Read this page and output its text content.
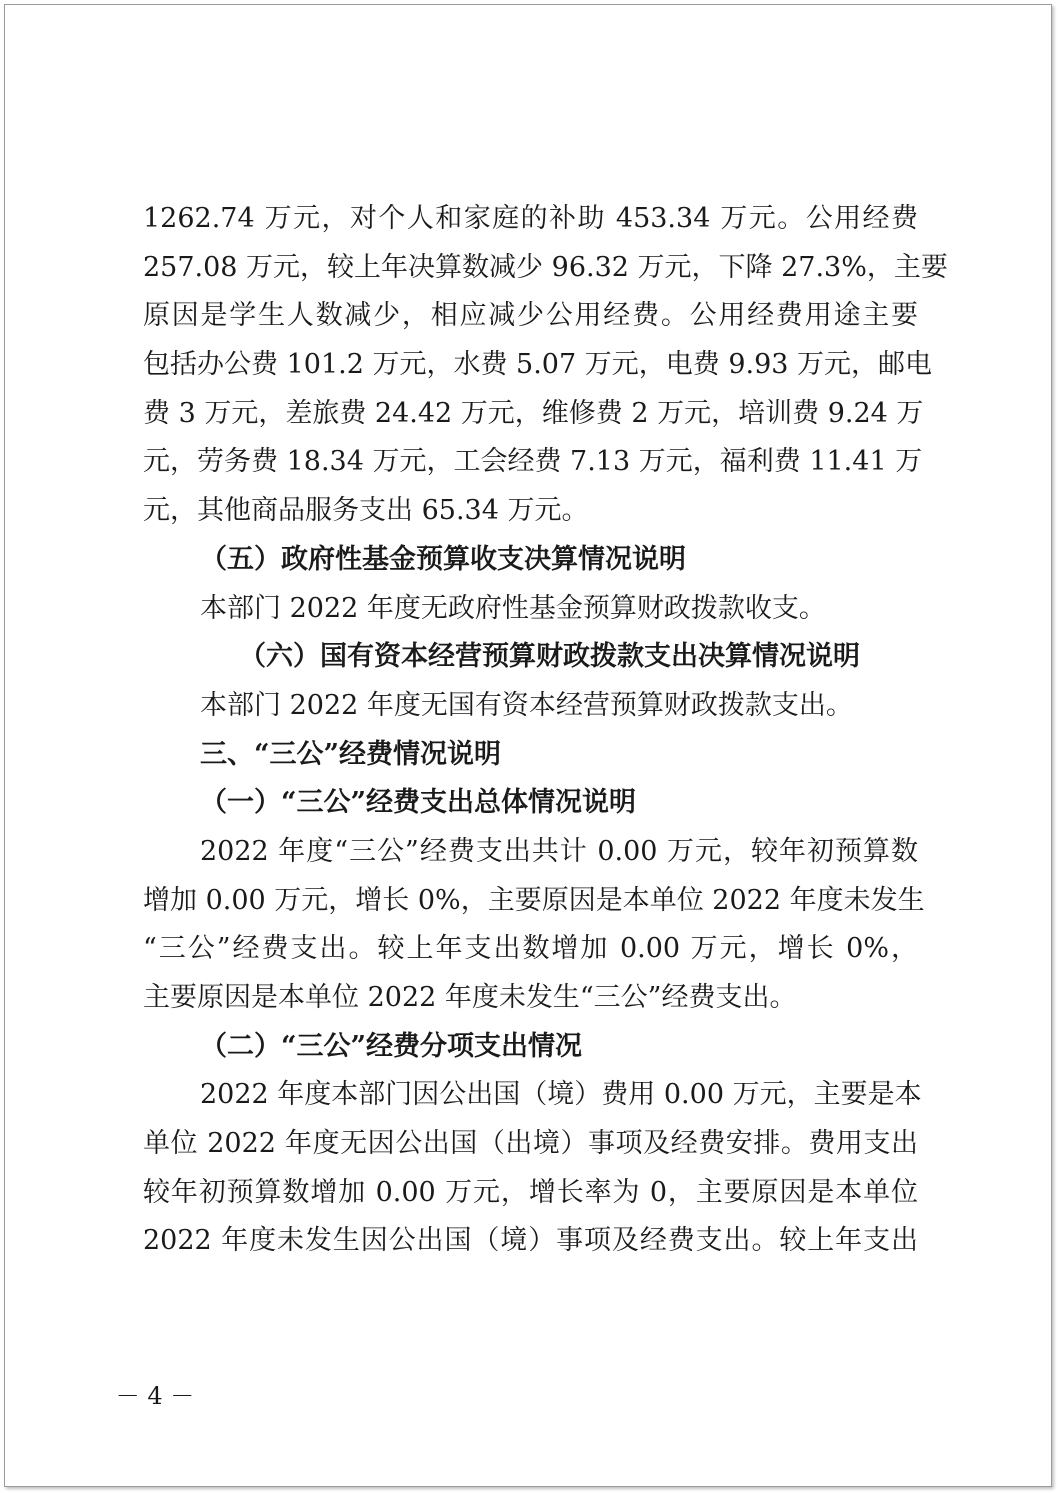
1262.74 万元，对个人和家庭的补助 453.34 万元。公用经费
257.08 万元，较上年决算数减少 96.32 万元，下降 27.3%，主要
原因是学生人数减少，相应减少公用经费。公用经费用途主要
包括办公费 101.2 万元，水费 5.07 万元，电费 9.93 万元，邮电
费 3 万元，差旅费 24.42 万元，维修费 2 万元，培训费 9.24 万
元，劳务费 18.34 万元，工会经费 7.13 万元，福利费 11.41 万
元，其他商品服务支出 65.34 万元。
（五）政府性基金预算收支决算情况说明
本部门 2022 年度无政府性基金预算财政拨款收支。
（六）国有资本经营预算财政拨款支出决算情况说明
本部门 2022 年度无国有资本经营预算财政拨款支出。
三、“三公”经费情况说明
（一）“三公”经费支出总体情况说明
2022 年度“三公”经费支出共计 0.00 万元，较年初预算数
增加 0.00 万元，增长 0%，主要原因是本单位 2022 年度未发生
“三公”经费支出。较上年支出数增加 0.00 万元，增长 0%，
主要原因是本单位 2022 年度未发生“三公”经费支出。
（二）“三公”经费分项支出情况
2022 年度本部门因公出国（境）费用 0.00 万元，主要是本
单位 2022 年度无因公出国（出境）事项及经费安排。费用支出
较年初预算数增加 0.00 万元，增长率为 0，主要原因是本单位
2022 年度未发生因公出国（境）事项及经费支出。较上年支出
－ 4 －
